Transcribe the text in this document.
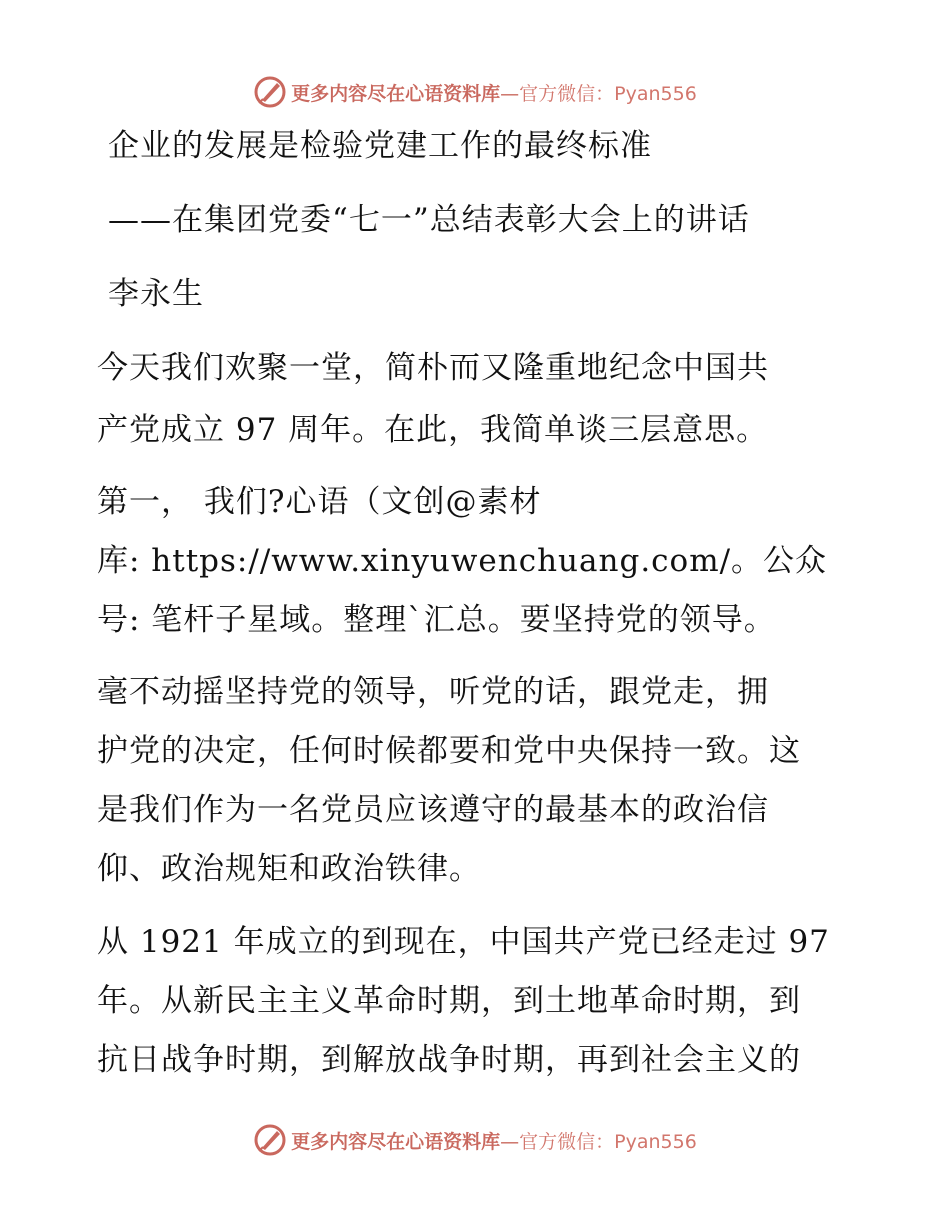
更多内容尽在心语资料库—官方微信：Pyan556
企业的发展是检验党建工作的最终标准
——在集团党委“七一”总结表彰大会上的讲话
李永生
今天我们欢聚一堂，简朴而又隆重地纪念中国共
产党成立 97 周年。在此，我简单谈三层意思。
第一， 我们?心语（文创@素材
库: https://www.xinyuwenchuang.com/。公众
号: 笔杆子星域。整理`汇总。要坚持党的领导。
毫不动摇坚持党的领导，听党的话，跟党走，拥
护党的决定，任何时候都要和党中央保持一致。这
是我们作为一名党员应该遵守的最基本的政治信
仰、政治规矩和政治铁律。
从 1921 年成立的到现在，中国共产党已经走过 97
年。从新民主主义革命时期，到土地革命时期，到
抗日战争时期，到解放战争时期，再到社会主义的
更多内容尽在心语资料库—官方微信：Pyan556
